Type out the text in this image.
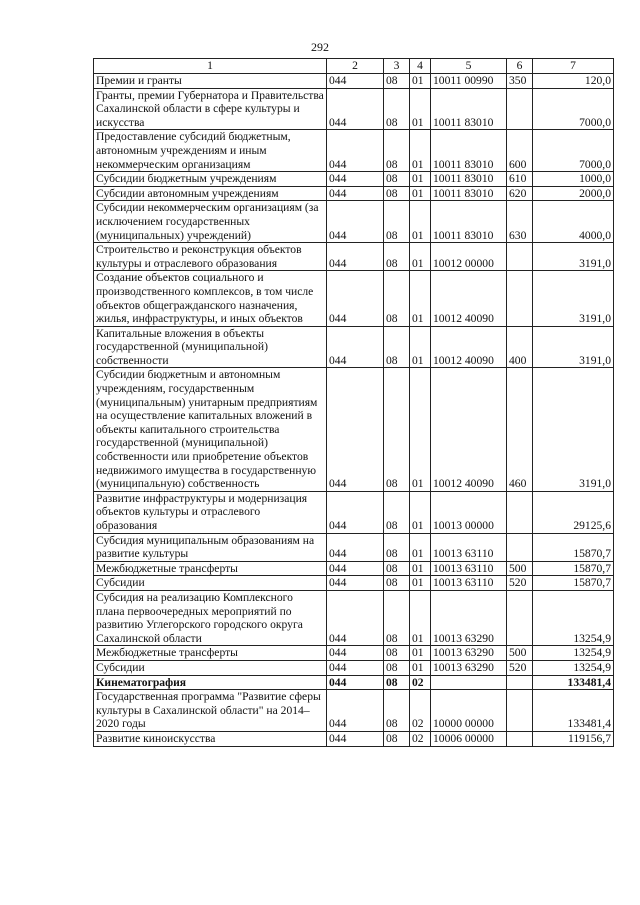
292
1	2	3	4	5	6	7
Премии и гранты	044	08	01	10011 00990	350	120,0
Гранты, премии Губернатора и Правительства Сахалинской области в сфере культуры и искусства	044	08	01	10011 83010		7000,0
Предоставление субсидий бюджетным, автономным учреждениям и иным некоммерческим организациям	044	08	01	10011 83010	600	7000,0
Субсидии бюджетным учреждениям	044	08	01	10011 83010	610	1000,0
Субсидии автономным учреждениям	044	08	01	10011 83010	620	2000,0
Субсидии некоммерческим организациям (за исключением государственных (муниципальных) учреждений)	044	08	01	10011 83010	630	4000,0
Строительство и реконструкция объектов культуры и отраслевого образования	044	08	01	10012 00000		3191,0
Создание объектов социального и производственного комплексов, в том числе объектов общегражданского назначения, жилья, инфраструктуры, и иных объектов	044	08	01	10012 40090		3191,0
Капитальные вложения в объекты государственной (муниципальной) собственности	044	08	01	10012 40090	400	3191,0
Субсидии бюджетным и автономным учреждениям, государственным (муниципальным) унитарным предприятиям на осуществление капитальных вложений в объекты капитального строительства государственной (муниципальной) собственности или приобретение объектов недвижимого имущества в государственную (муниципальную) собственность	044	08	01	10012 40090	460	3191,0
Развитие инфраструктуры и модернизация объектов культуры и отраслевого образования	044	08	01	10013 00000		29125,6
Субсидия муниципальным образованиям на развитие культуры	044	08	01	10013 63110		15870,7
Межбюджетные трансферты	044	08	01	10013 63110	500	15870,7
Субсидии	044	08	01	10013 63110	520	15870,7
Субсидия на реализацию Комплексного плана первоочередных мероприятий по развитию Углегорского городского округа Сахалинской области	044	08	01	10013 63290		13254,9
Межбюджетные трансферты	044	08	01	10013 63290	500	13254,9
Субсидии	044	08	01	10013 63290	520	13254,9
Кинематография	044	08	02			133481,4
Государственная программа "Развитие сферы культуры в Сахалинской области" на 2014–2020 годы	044	08	02	10000 00000		133481,4
Развитие киноискусства	044	08	02	10006 00000		119156,7
